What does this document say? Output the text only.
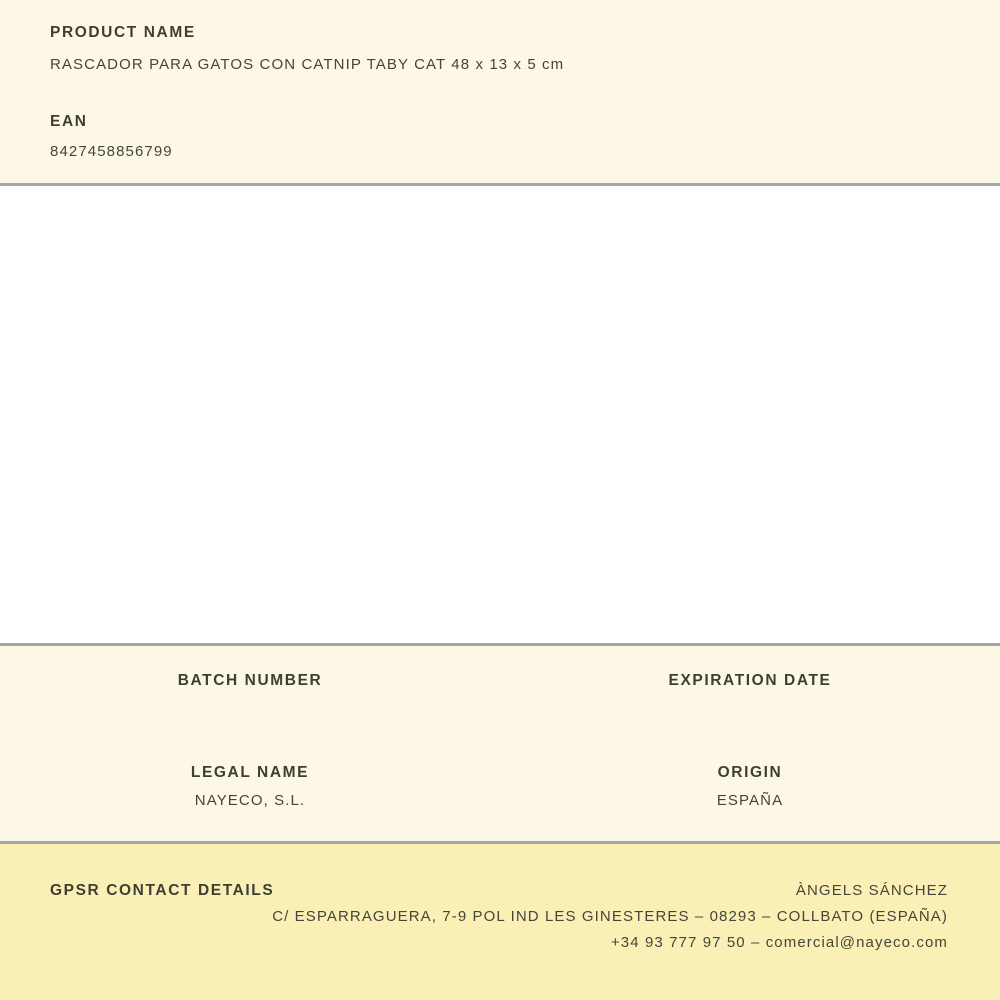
PRODUCT NAME
RASCADOR PARA GATOS CON CATNIP TABY CAT 48 x 13 x 5 cm
EAN
8427458856799
BATCH NUMBER	EXPIRATION DATE
LEGAL NAME
NAYECO, S.L.
ORIGIN
ESPAÑA
GPSR CONTACT DETAILS	ÀNGELS SÁNCHEZ
C/ ESPARRAGUERA, 7-9 POL IND LES GINESTERES – 08293 – COLLBATO (ESPAÑA)
+34 93 777 97 50 – comercial@nayeco.com
